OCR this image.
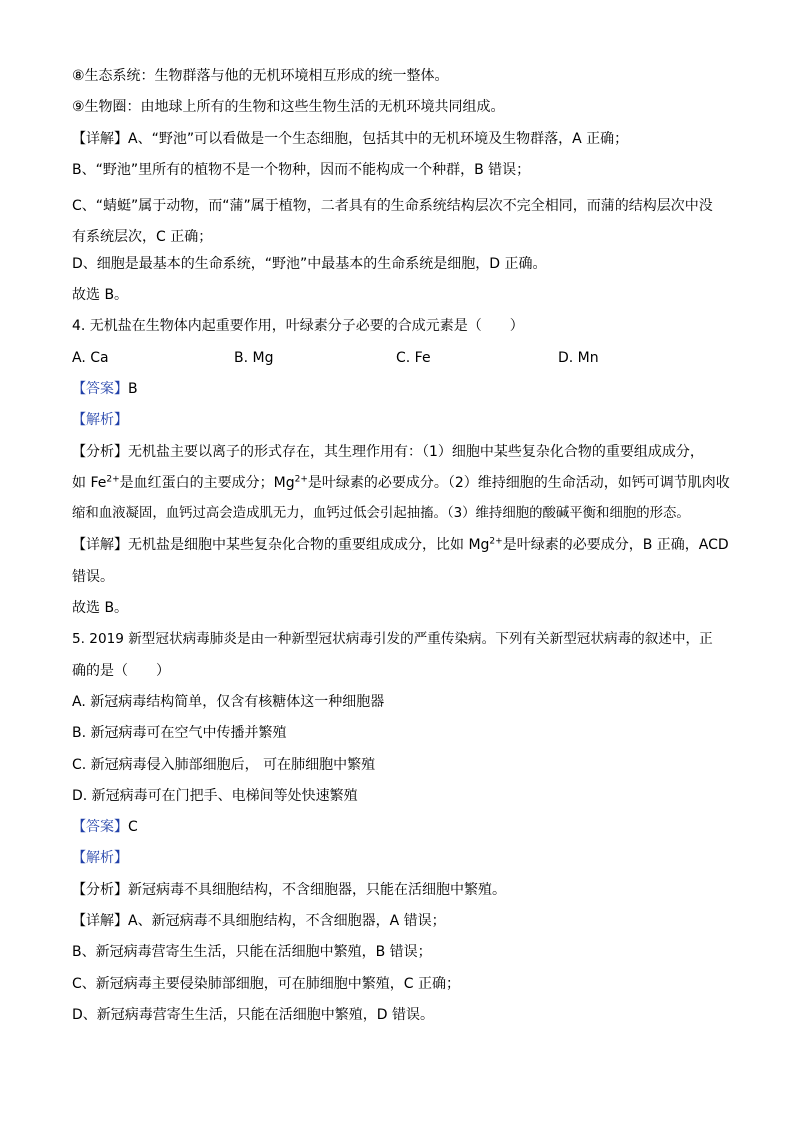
⑧生态系统：生物群落与他的无机环境相互形成的统一整体。
⑨生物圈：由地球上所有的生物和这些生物生活的无机环境共同组成。
【详解】A、“野池”可以看做是一个生态细胞，包括其中的无机环境及生物群落，A 正确；
B、“野池”里所有的植物不是一个物种，因而不能构成一个种群，B 错误；
C、“蜻蜓”属于动物，而“蒲”属于植物，二者具有的生命系统结构层次不完全相同，而蒲的结构层次中没有系统层次，C 正确；
D、细胞是最基本的生命系统，“野池”中最基本的生命系统是细胞，D 正确。
故选 B。
4. 无机盐在生物体内起重要作用，叶绿素分子必要的合成元素是（　　）
A. Ca	B. Mg	C. Fe	D. Mn
【答案】B
【解析】
【分析】无机盐主要以离子的形式存在，其生理作用有：（1）细胞中某些复杂化合物的重要组成成分，
如 $Fe^{2+}$是血红蛋白的主要成分；$Mg^{2+}$是叶绿素的必要成分。（2）维持细胞的生命活动，如钙可调节肌肉收
缩和血液凝固，血钙过高会造成肌无力，血钙过低会引起抽搐。（3）维持细胞的酸碱平衡和细胞的形态。
【详解】无机盐是细胞中某些复杂化合物的重要组成成分，比如 $Mg^{2+}$是叶绿素的必要成分，B 正确，ACD
错误。
故选 B。
5. 2019 新型冠状病毒肺炎是由一种新型冠状病毒引发的严重传染病。下列有关新型冠状病毒的叙述中，正
确的是（　　）
A. 新冠病毒结构简单，仅含有核糖体这一种细胞器
B. 新冠病毒可在空气中传播并繁殖
C. 新冠病毒侵入肺部细胞后， 可在肺细胞中繁殖
D. 新冠病毒可在门把手、电梯间等处快速繁殖
【答案】C
【解析】
【分析】新冠病毒不具细胞结构，不含细胞器，只能在活细胞中繁殖。
【详解】A、新冠病毒不具细胞结构，不含细胞器，A 错误；
B、新冠病毒营寄生生活，只能在活细胞中繁殖，B 错误；
C、新冠病毒主要侵染肺部细胞，可在肺细胞中繁殖，C 正确；
D、新冠病毒营寄生生活，只能在活细胞中繁殖，D 错误。
